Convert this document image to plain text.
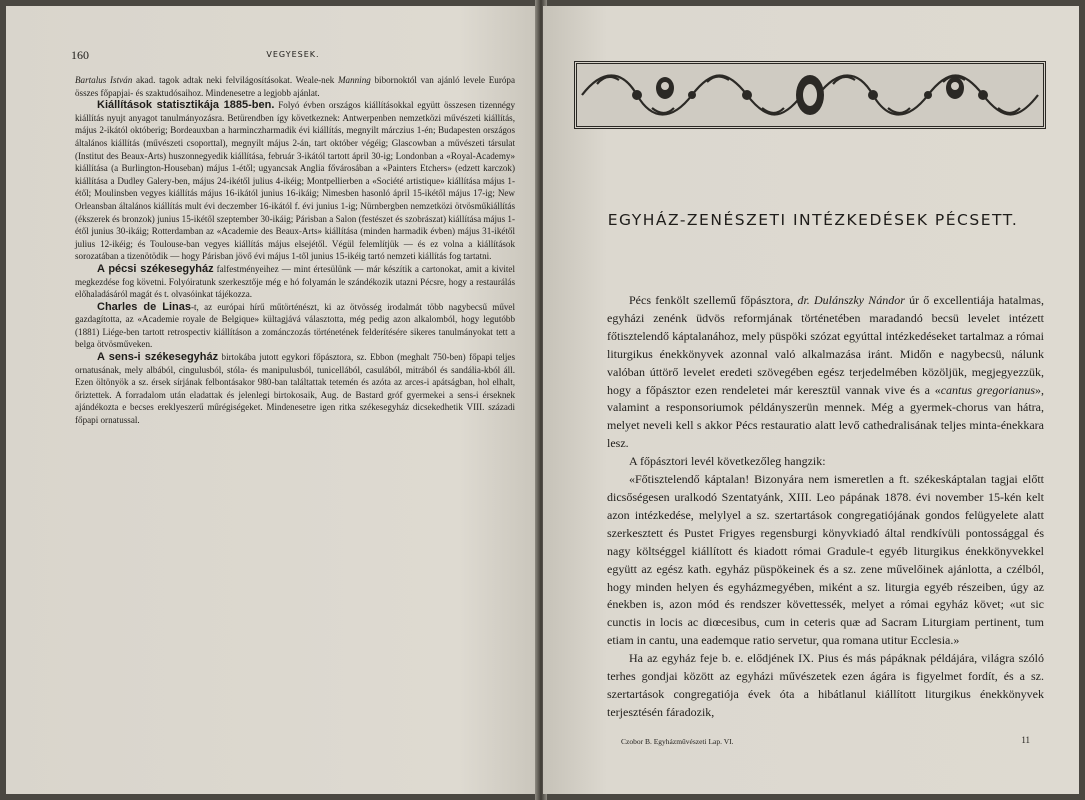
160	VEGYESEK.

Bartalus István akad. tagok adtak neki felvilágosításokat. Weale-nek Manning bibornoktól van ajánló levele Európa összes főpapjai- és szaktudósaihoz. Mindenesetre a legjobb ajánlat.

Kiállítások statisztikája 1885-ben. Folyó évben országos kiállításokkal együtt összesen tizennégy kiállítás nyujt anyagot tanulmányozásra. Betürendben így következnek: Antwerpenben nemzetközi művészeti kiállítás, május 2-ikától októberig; Bordeauxban a harminczharmadik évi kiállítás, megnyilt márczius 1-én; Budapesten országos általános kiállítás (művészeti csoporttal), megnyilt május 2-án, tart október végéig; Glascowban a művészeti társulat (Institut des Beaux-Arts) huszonnegyedik kiállítása, február 3-ikától tartott ápril 30-ig; Londonban a «Royal-Academy» kiállítása (a Burlington-Houseban) május 1-étől; ugyancsak Anglia fővárosában a «Painters Etchers» (edzett karczok) kiállítása a Dudley Galery-ben, május 24-ikétől julius 4-ikéig; Montpellierben a «Société artistique» kiállítása május 1-étől; Moulinsben vegyes kiállítás május 16-ikától junius 16-ikáig; Nimesben hasonló ápril 15-ikétől május 17-ig; New Orleansban általános kiállítás mult évi deczember 16-ikától f. évi junius 1-ig; Nürnbergben nemzetközi ötvösműkiállítás (ékszerek és bronzok) junius 15-ikétől szeptember 30-ikáig; Párisban a Salon (festészet és szobrászat) kiállítása május 1-étől junius 30-ikáig; Rotterdamban az «Academie des Beaux-Arts» kiállítása (minden harmadik évben) május 31-ikétől julius 12-ikéig; és Toulouse-ban vegyes kiállítás május elsejétől. Végül felemlítjük — és ez volna a kiállítások sorozatában a tizenötödik — hogy Párisban jövő évi május 1-től junius 15-ikéig tartó nemzeti kiállítás fog tartatni.

A pécsi székesegyház falfestményeihez — mint értesülünk — már készítik a cartonokat, amit a kivitel megkezdése fog követni. Folyóiratunk szerkesztője még e hó folyamán le szándékozik utazni Pécsre, hogy a restaurálás előhaladásáról magát és t. olvasóinkat tájékozza.

Charles de Linas-t, az európai hírű műtörténészt, ki az ötvösség irodalmát több nagybecsű művel gazdagította, az «Academie royale de Belgique» kültagjává választotta, még pedig azon alkalomból, hogy legutóbb (1881) Liége-ben tartott retrospectiv kiállításon a zománczozás történetének felderítésére sikeres tanulmányokat tett a belga ötvösműveken.

A sens-i székesegyház birtokába jutott egykori főpásztora, sz. Ebbon (meghalt 750-ben) főpapi teljes ornatusának, mely albából, cingulusból, stóla- és manipulusból, tunicellából, casulából, mitrából és sandália-kból áll. Ezen öltönyök a sz. érsek sírjának felbontásakor 980-ban találtattak tetemén és azóta az arces-i apátságban, hol elhalt, őriztettek. A forradalom után eladattak és jelenlegi birtokosaik, Aug. de Bastard gróf gyermekei a sens-i érseknek ajándékozta e becses ereklyeszerű műrégiségeket. Mindenesetre igen ritka székesegyház dicsekedhetik VIII. századi főpapi ornatussal.

EGYHÁZ-ZENÉSZETI INTÉZKEDÉSEK PÉCSETT.

Pécs fenkölt szellemű főpásztora, dr. Dulánszky Nándor úr ő excellentiája hatalmas, egyházi zenénk üdvös reformjának történetében maradandó becsü levelet intézett főtisztelendő káptalanához, mely püspöki szózat egyúttal intézkedéseket tartalmaz a római liturgikus énekkönyvek azonnal való alkalmazása iránt. Midőn e nagybecsü, nálunk valóban úttörő levelet eredeti szövegében egész terjedelmében közöljük, megjegyezzük, hogy a főpásztor ezen rendeletei már keresztül vannak vive és a «cantus gregorianus», valamint a responsoriumok példányszerün mennek. Még a gyermek-chorus van hátra, melyet neveli kell s akkor Pécs restauratio alatt levő cathedralisának teljes minta-énekkara lesz.

A főpásztori levél következőleg hangzik:

«Főtisztelendő káptalan! Bizonyára nem ismeretlen a ft. székeskáptalan tagjai előtt dicsőségesen uralkodó Szentatyánk, XIII. Leo pápának 1878. évi november 15-kén kelt azon intézkedése, melylyel a sz. szertartások congregatiójának gondos felügyelete alatt szerkesztett és Pustet Frigyes regensburgi könyvkiadó által rendkívüli pontossággal és nagy költséggel kiállított és kiadott római Gradule-t egyéb liturgikus énekkönyvekkel együtt az egész kath. egyház püspökeinek és a sz. zene művelőinek ajánlotta, a czélból, hogy minden helyen és egyházmegyében, miként a sz. liturgia egyéb részeiben, úgy az énekben is, azon mód és rendszer követtessék, melyet a római egyház követ; «ut sic cunctis in locis ac diœcesibus, cum in ceteris quæ ad Sacram Liturgiam pertinent, tum etiam in cantu, una eademque ratio servetur, qua romana utitur Ecclesia.»

Ha az egyház feje b. e. elődjének IX. Pius és más pápáknak példájára, világra szóló terhes gondjai között az egyházi művészetek ezen ágára is figyelmet fordít, és a sz. szertartások congregatiója évek óta a hibátlanul kiállított liturgikus énekkönyvek terjesztésén fáradozik,

Czobor B. Egyházművészeti Lap. VI.	11
